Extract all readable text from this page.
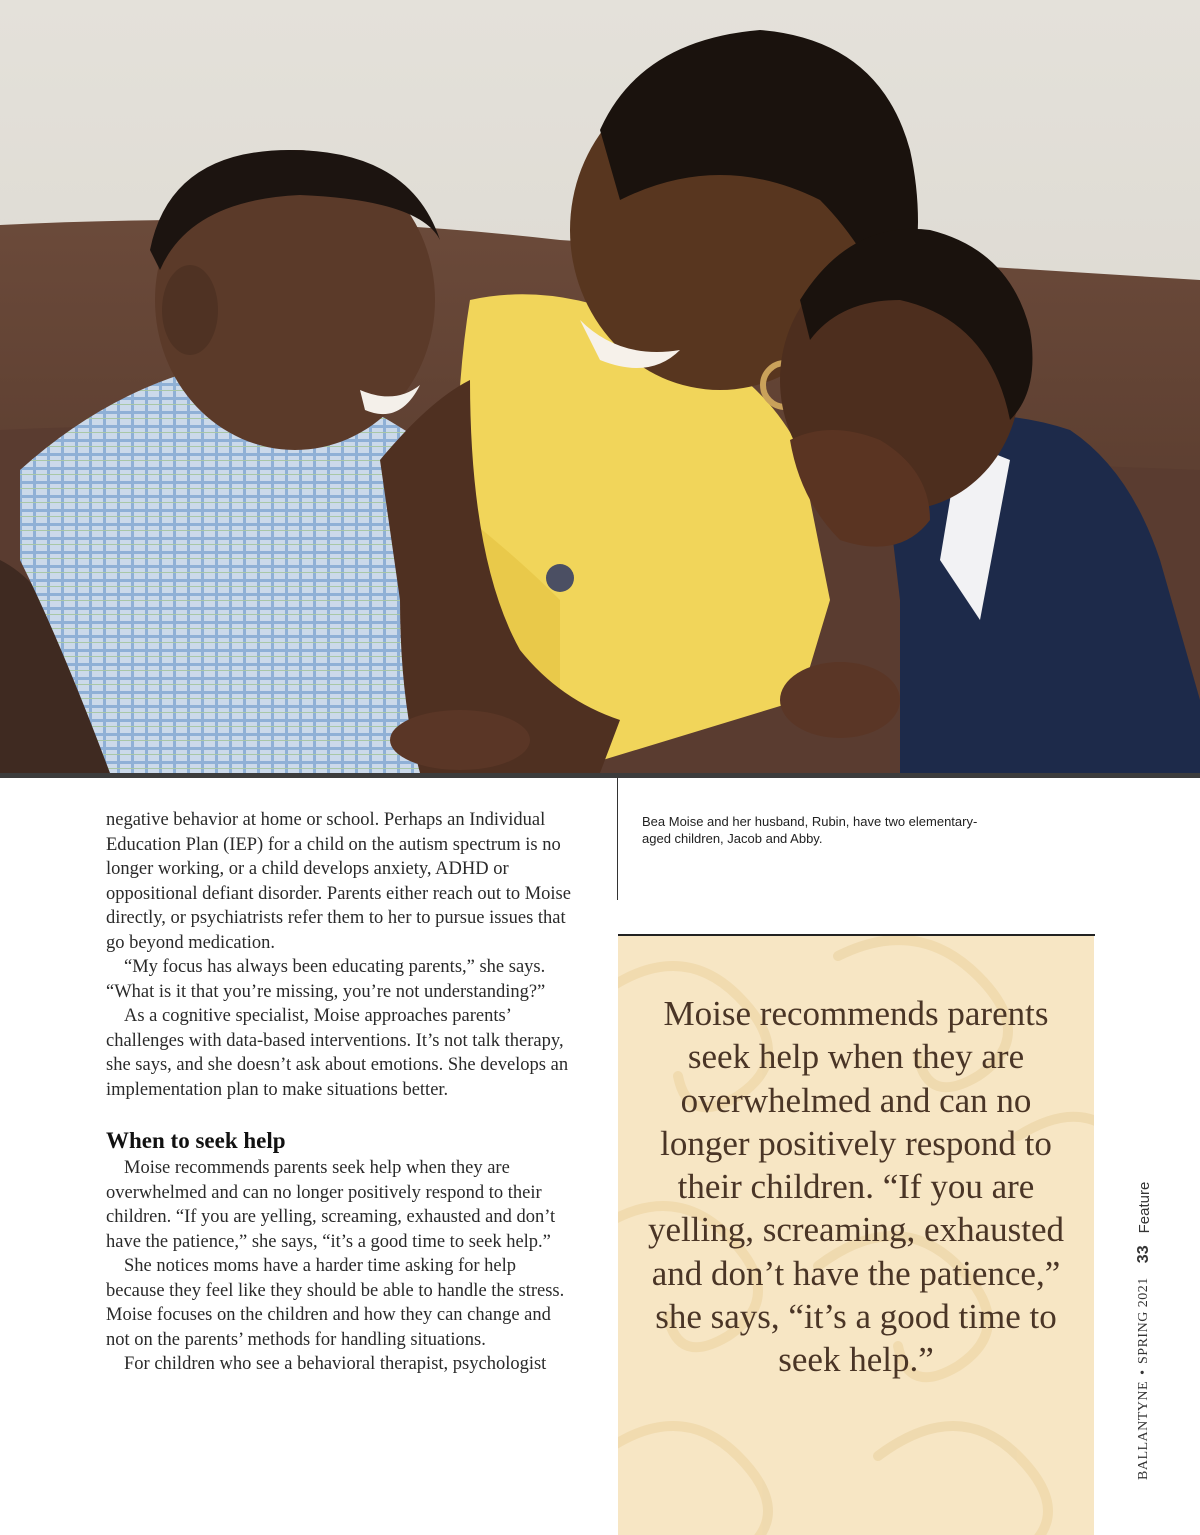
negative behavior at home or school. Perhaps an Individual Education Plan (IEP) for a child on the autism spectrum is no longer working, or a child develops anxiety, ADHD or oppositional defiant disorder. Parents either reach out to Moise directly, or psychiatrists refer them to her to pursue issues that go beyond medication.

“My focus has always been educating parents,” she says. “What is it that you’re missing, you’re not understanding?”

As a cognitive specialist, Moise approaches parents’ challenges with data-based interventions. It’s not talk therapy, she says, and she doesn’t ask about emotions. She develops an implementation plan to make situations better.

When to seek help

Moise recommends parents seek help when they are overwhelmed and can no longer positively respond to their children. “If you are yelling, screaming, exhausted and don’t have the patience,” she says, “it’s a good time to seek help.”

She notices moms have a harder time asking for help because they feel like they should be able to handle the stress. Moise focuses on the children and how they can change and not on the parents’ methods for handling situations.

For children who see a behavioral therapist, psychologist

Bea Moise and her husband, Rubin, have two elementary-aged children, Jacob and Abby.
Moise recommends parents seek help when they are overwhelmed and can no longer positively respond to their children. “If you are yelling, screaming, exhausted and don’t have the patience,” she says, “it’s a good time to seek help.”
BALLANTYNE
•
SPRING 2021
33
Feature
